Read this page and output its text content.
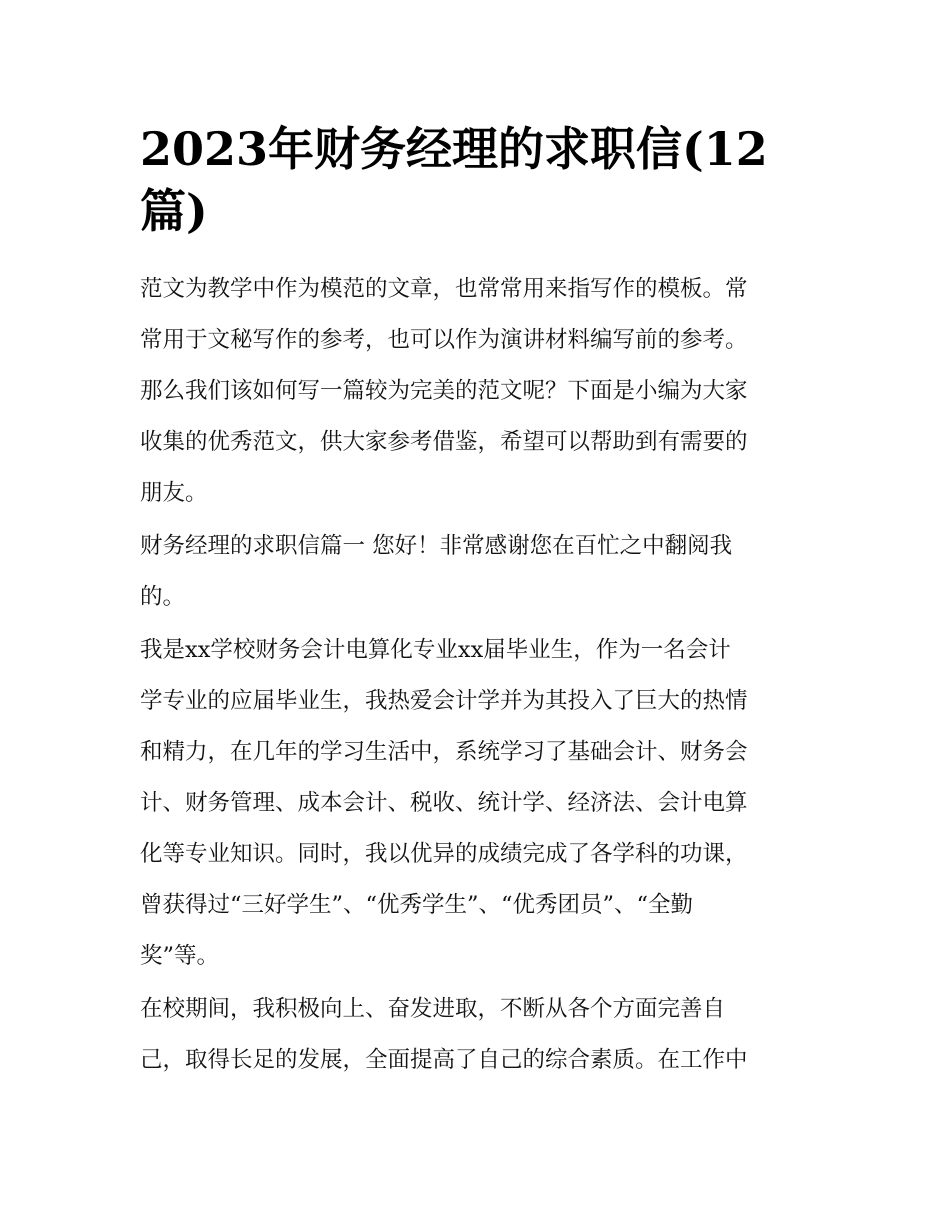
2023年财务经理的求职信(12
篇)

范文为教学中作为模范的文章，也常常用来指写作的模板。常
常用于文秘写作的参考，也可以作为演讲材料编写前的参考。
那么我们该如何写一篇较为完美的范文呢？下面是小编为大家
收集的优秀范文，供大家参考借鉴，希望可以帮助到有需要的
朋友。

财务经理的求职信篇一 您好！非常感谢您在百忙之中翻阅我
的。

我是xx学校财务会计电算化专业xx届毕业生，作为一名会计
学专业的应届毕业生，我热爱会计学并为其投入了巨大的热情
和精力，在几年的学习生活中，系统学习了基础会计、财务会
计、财务管理、成本会计、税收、统计学、经济法、会计电算
化等专业知识。同时，我以优异的成绩完成了各学科的功课，
曾获得过“三好学生”、“优秀学生”、“优秀团员”、“全勤
奖”等。

在校期间，我积极向上、奋发进取，不断从各个方面完善自
己，取得长足的发展，全面提高了自己的综合素质。在工作中
